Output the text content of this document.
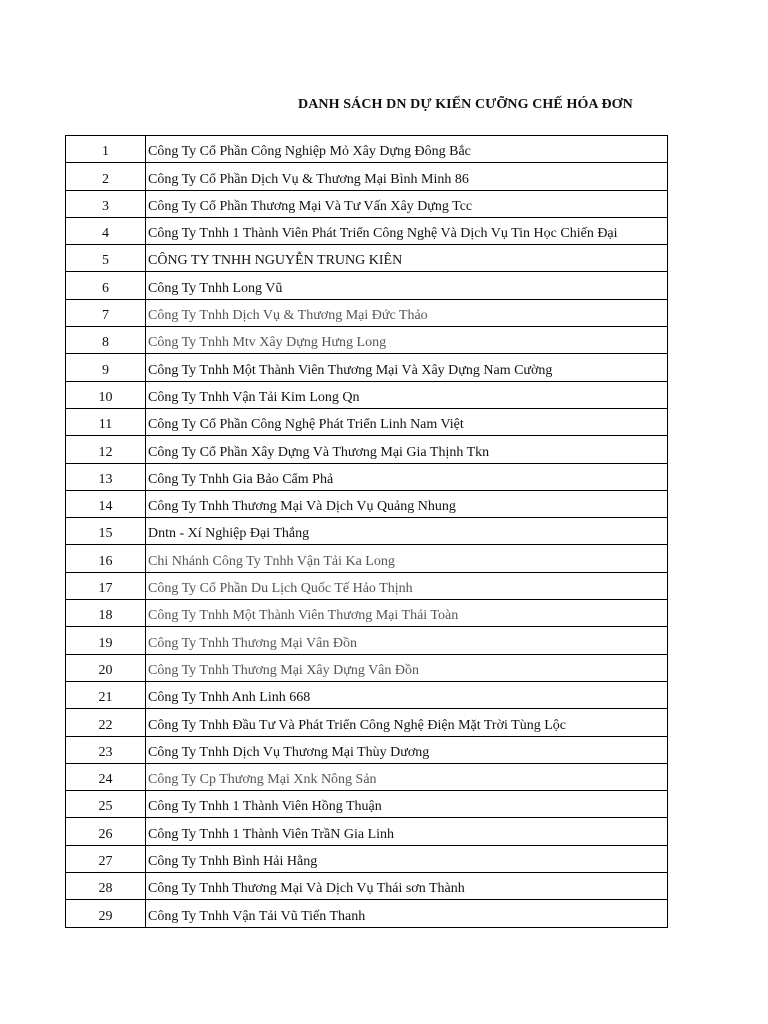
DANH SÁCH DN DỰ KIẾN CƯỠNG CHẾ HÓA ĐƠN
1	Công Ty Cổ Phần Công Nghiệp Mỏ Xây Dựng Đông Bắc
2	Công Ty Cổ Phần Dịch Vụ & Thương Mại Bình Minh 86
3	Công Ty Cổ Phần Thương Mại Và Tư Vấn Xây Dựng Tcc
4	Công Ty Tnhh 1 Thành Viên Phát Triển Công Nghệ Và Dịch Vụ Tin Học Chiến Đại
5	CÔNG TY TNHH NGUYỄN TRUNG KIÊN
6	Công Ty Tnhh Long Vũ
7	Công Ty Tnhh Dịch Vụ & Thương Mại Đức Thảo
8	Công Ty Tnhh Mtv Xây Dựng Hưng Long
9	Công Ty Tnhh Một Thành Viên Thương Mại Và Xây Dựng Nam Cường
10	Công Ty Tnhh Vận Tải Kim Long Qn
11	Công Ty Cổ Phần Công Nghệ Phát Triển Linh Nam Việt
12	Công Ty Cổ Phần Xây Dựng Và Thương Mại Gia Thịnh Tkn
13	Công Ty Tnhh Gia Bảo Cẩm Phả
14	Công Ty Tnhh Thương Mại Và Dịch Vụ Quảng Nhung
15	Dntn - Xí Nghiệp Đại Thắng
16	Chi Nhánh Công Ty Tnhh Vận Tải Ka Long
17	Công Ty Cổ Phần Du Lịch Quốc Tế Hảo Thịnh
18	Công Ty Tnhh Một Thành Viên Thương Mại Thái Toàn
19	Công Ty Tnhh Thương Mại Vân Đồn
20	Công Ty Tnhh Thương Mại Xây Dựng Vân Đồn
21	Công Ty Tnhh Anh Linh 668
22	Công Ty Tnhh Đầu Tư Và Phát Triển Công Nghệ Điện Mặt Trời Tùng Lộc
23	Công Ty Tnhh Dịch Vụ Thương Mại Thùy Dương
24	Công Ty Cp Thương Mại Xnk Nông Sản
25	Công Ty Tnhh 1 Thành Viên Hồng Thuận
26	Công Ty Tnhh 1 Thành Viên TrầN Gia Linh
27	Công Ty Tnhh Bình Hải Hằng
28	Công Ty Tnhh Thương Mại Và Dịch Vụ Thái sơn Thành
29	Công Ty Tnhh Vận Tải Vũ Tiến Thanh
